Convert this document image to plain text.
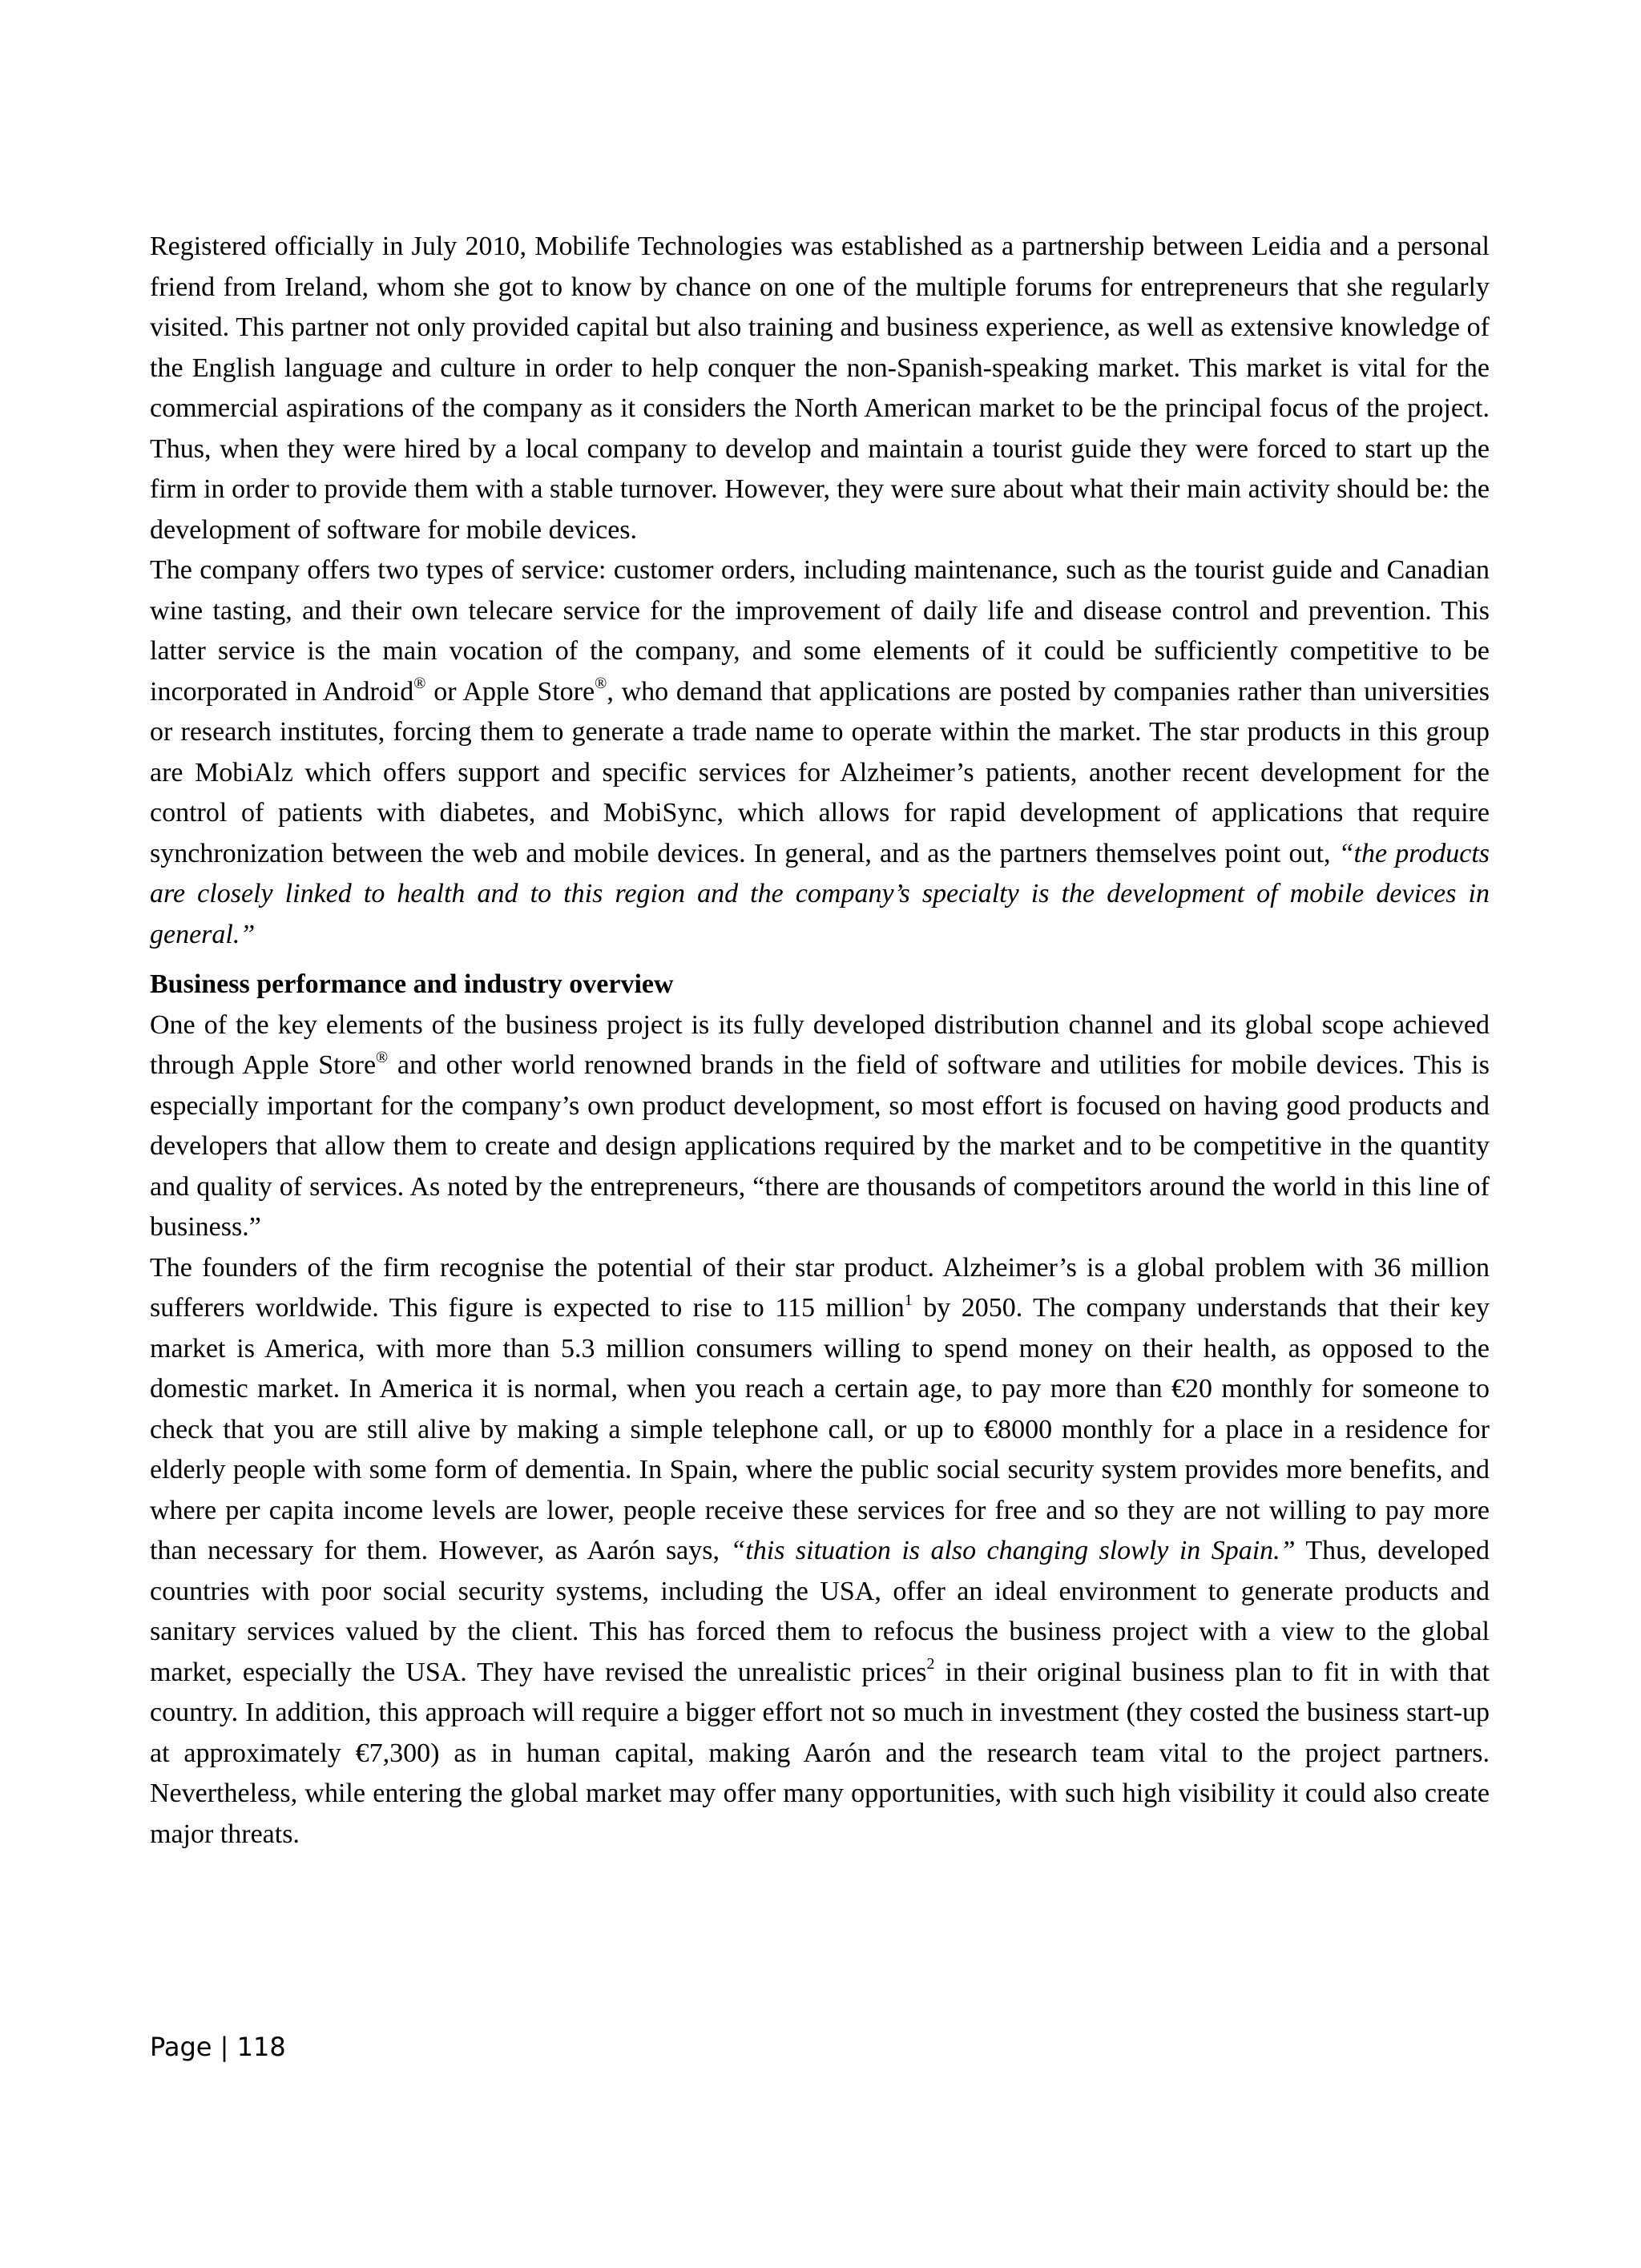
Registered officially in July 2010, Mobilife Technologies was established as a partnership between Leidia and a personal friend from Ireland, whom she got to know by chance on one of the multiple forums for entrepreneurs that she regularly visited. This partner not only provided capital but also training and business experience, as well as extensive knowledge of the English language and culture in order to help conquer the non-Spanish-speaking market. This market is vital for the commercial aspirations of the company as it considers the North American market to be the principal focus of the project. Thus, when they were hired by a local company to develop and maintain a tourist guide they were forced to start up the firm in order to provide them with a stable turnover. However, they were sure about what their main activity should be: the development of software for mobile devices.

The company offers two types of service: customer orders, including maintenance, such as the tourist guide and Canadian wine tasting, and their own telecare service for the improvement of daily life and disease control and prevention. This latter service is the main vocation of the company, and some elements of it could be sufficiently competitive to be incorporated in Android® or Apple Store®, who demand that applications are posted by companies rather than universities or research institutes, forcing them to generate a trade name to operate within the market. The star products in this group are MobiAlz which offers support and specific services for Alzheimer’s patients, another recent development for the control of patients with diabetes, and MobiSync, which allows for rapid development of applications that require synchronization between the web and mobile devices. In general, and as the partners themselves point out, “the products are closely linked to health and to this region and the company’s specialty is the development of mobile devices in general.”

Business performance and industry overview

One of the key elements of the business project is its fully developed distribution channel and its global scope achieved through Apple Store® and other world renowned brands in the field of software and utilities for mobile devices. This is especially important for the company’s own product development, so most effort is focused on having good products and developers that allow them to create and design applications required by the market and to be competitive in the quantity and quality of services. As noted by the entrepreneurs, “there are thousands of competitors around the world in this line of business.”

The founders of the firm recognise the potential of their star product. Alzheimer’s is a global problem with 36 million sufferers worldwide. This figure is expected to rise to 115 million$^1$ by 2050. The company understands that their key market is America, with more than 5.3 million consumers willing to spend money on their health, as opposed to the domestic market. In America it is normal, when you reach a certain age, to pay more than €20 monthly for someone to check that you are still alive by making a simple telephone call, or up to €8000 monthly for a place in a residence for elderly people with some form of dementia. In Spain, where the public social security system provides more benefits, and where per capita income levels are lower, people receive these services for free and so they are not willing to pay more than necessary for them. However, as Aarón says, “this situation is also changing slowly in Spain.” Thus, developed countries with poor social security systems, including the USA, offer an ideal environment to generate products and sanitary services valued by the client. This has forced them to refocus the business project with a view to the global market, especially the USA. They have revised the unrealistic prices$^2$ in their original business plan to fit in with that country. In addition, this approach will require a bigger effort not so much in investment (they costed the business start-up at approximately €7,300) as in human capital, making Aarón and the research team vital to the project partners. Nevertheless, while entering the global market may offer many opportunities, with such high visibility it could also create major threats.

Page | 118
